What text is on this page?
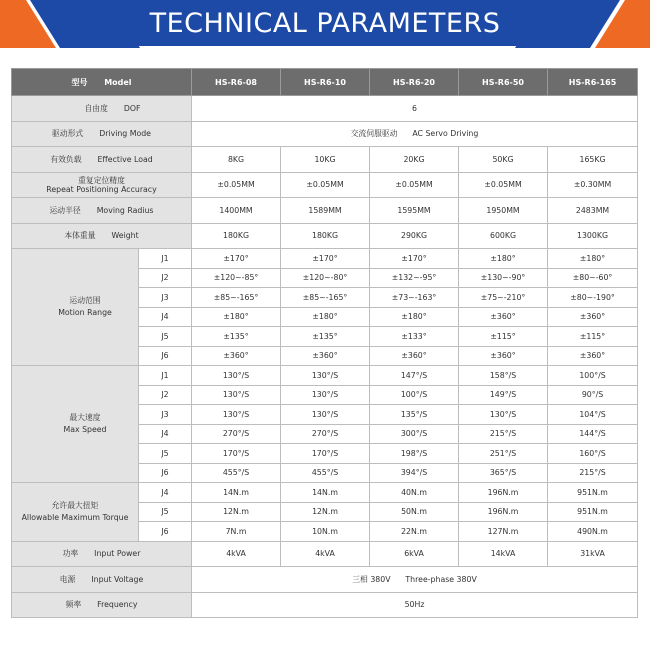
TECHNICAL PARAMETERS
型号 Model		HS-R6-08	HS-R6-10	HS-R6-20	HS-R6-50	HS-R6-165
自由度 DOF		6				
驱动形式 Driving Mode		交流伺服驱动      AC Servo Driving				
有效负载 Effective Load		8KG	10KG	20KG	50KG	165KG

重复定位精度
Repeat Positioning Accuracy		±0.05MM	±0.05MM	±0.05MM	±0.05MM	±0.30MM
运动半径 Moving Radius		1400MM	1589MM	1595MM	1950MM	2483MM
本体重量 Weight		180KG	180KG	290KG	600KG	1300KG

运动范围
Motion Range	J1	±170°	±170°	±170°	±180°	±180°
	J2	±120~-85°	±120~-80°	±132~-95°	±130~-90°	±80~-60°
	J3	±85~-165°	±85~-165°	±73~-163°	±75~-210°	±80~-190°
	J4	±180°	±180°	±180°	±360°	±360°
	J5	±135°	±135°	±133°	±115°	±115°
	J6	±360°	±360°	±360°	±360°	±360°

最大速度
Max Speed	J1	130°/S	130°/S	147°/S	158°/S	100°/S
	J2	130°/S	130°/S	100°/S	149°/S	90°/S
	J3	130°/S	130°/S	135°/S	130°/S	104°/S
	J4	270°/S	270°/S	300°/S	215°/S	144°/S
	J5	170°/S	170°/S	198°/S	251°/S	160°/S
	J6	455°/S	455°/S	394°/S	365°/S	215°/S

允许最大扭矩
Allowable Maximum Torque	J4	14N.m	14N.m	40N.m	196N.m	951N.m
	J5	12N.m	12N.m	50N.m	196N.m	951N.m
	J6	7N.m	10N.m	22N.m	127N.m	490N.m
功率 Input Power		4kVA	4kVA	6kVA	14kVA	31kVA
电源 Input Voltage		三相 380V      Three-phase 380V				
频率 Frequency		50Hz				
